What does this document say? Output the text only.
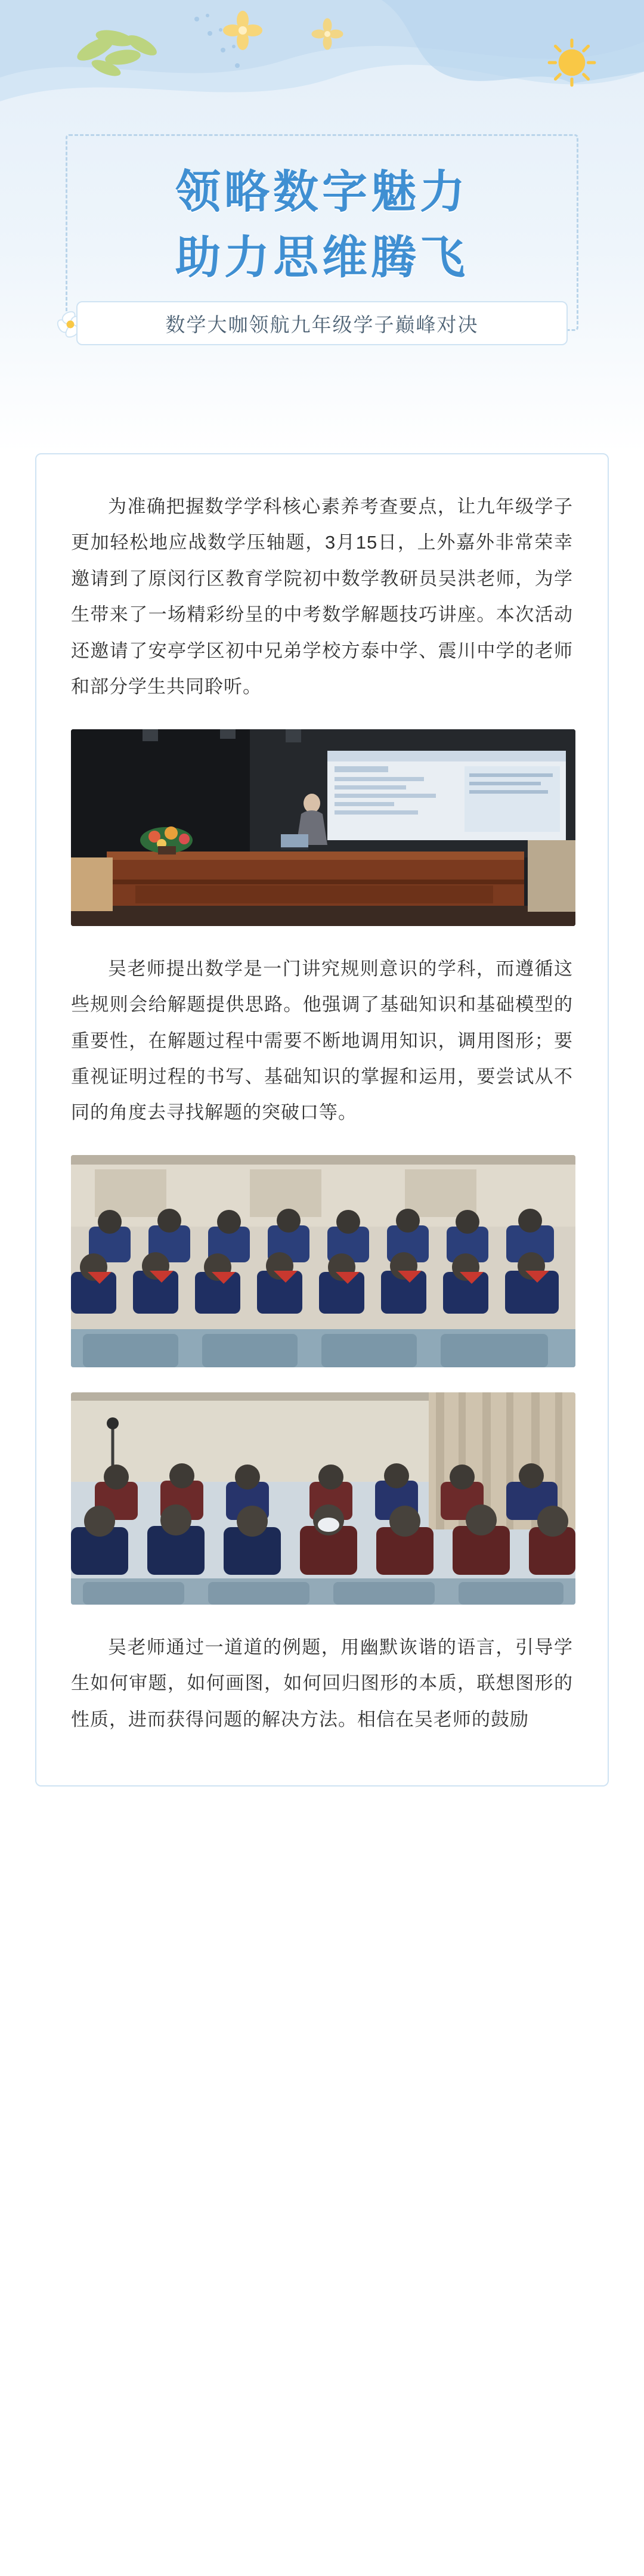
领略数字魅力
助力思维腾飞
数学大咖领航九年级学子巅峰对决

为准确把握数学学科核心素养考查要点，让九年级学子更加轻松地应战数学压轴题，3月15日，上外嘉外非常荣幸邀请到了原闵行区教育学院初中数学教研员吴洪老师，为学生带来了一场精彩纷呈的中考数学解题技巧讲座。本次活动还邀请了安亭学区初中兄弟学校方泰中学、震川中学的老师和部分学生共同聆听。

吴老师提出数学是一门讲究规则意识的学科，而遵循这些规则会给解题提供思路。他强调了基础知识和基础模型的重要性，在解题过程中需要不断地调用知识，调用图形；要重视证明过程的书写、基础知识的掌握和运用，要尝试从不同的角度去寻找解题的突破口等。

吴老师通过一道道的例题，用幽默诙谐的语言，引导学生如何审题，如何画图，如何回归图形的本质，联想图形的性质，进而获得问题的解决方法。相信在吴老师的鼓励
